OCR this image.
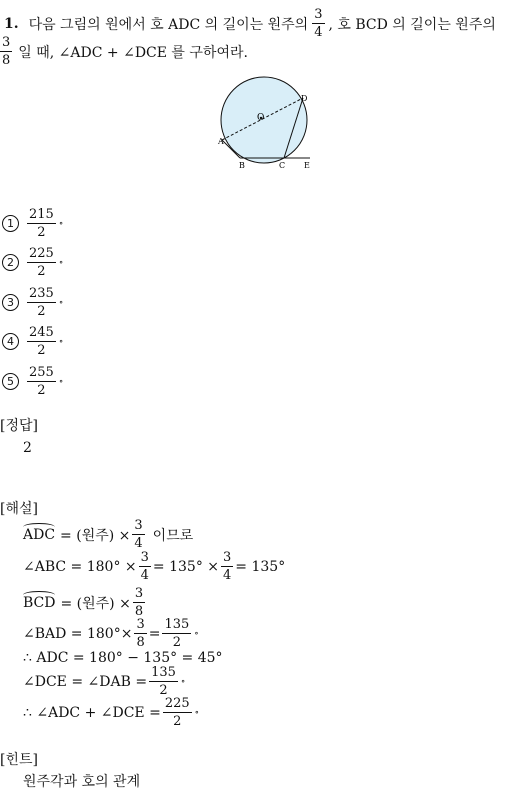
1. 다음 그림의 원에서 호 ADC 의 길이는 원주의 $\frac{3}{4}$ , 호 BCD 의 길이는 원주의
$\frac{3}{8}$ 일 때, ∠ADC + ∠DCE 를 구하여라.
O
D
A
B	C E
1	$\frac{215}{2}$ ∘
2	$\frac{225}{2}$ ∘
3	$\frac{235}{2}$ ∘
4	$\frac{245}{2}$ ∘
5	$\frac{255}{2}$ ∘
[정답]
2
[해설]
ADC = (원주) × $\frac{3}{4}$ 이므로
∠ABC = $180^\circ \times \frac{3}{4} = 135^\circ \times \frac{3}{4} = 135^\circ$
BCD = (원주) × $\frac{3}{8}$
∠BAD = $180^\circ\times \frac{3}{8} = \frac{135}{2}$ ∘
∴ ADC = 180° − 135° = 45°
∠DCE = ∠DAB = $\frac{135}{2}$ ∘
∴ ∠ADC + ∠DCE = $\frac{225}{2}$ ∘
[힌트]
원주각과 호의 관계
